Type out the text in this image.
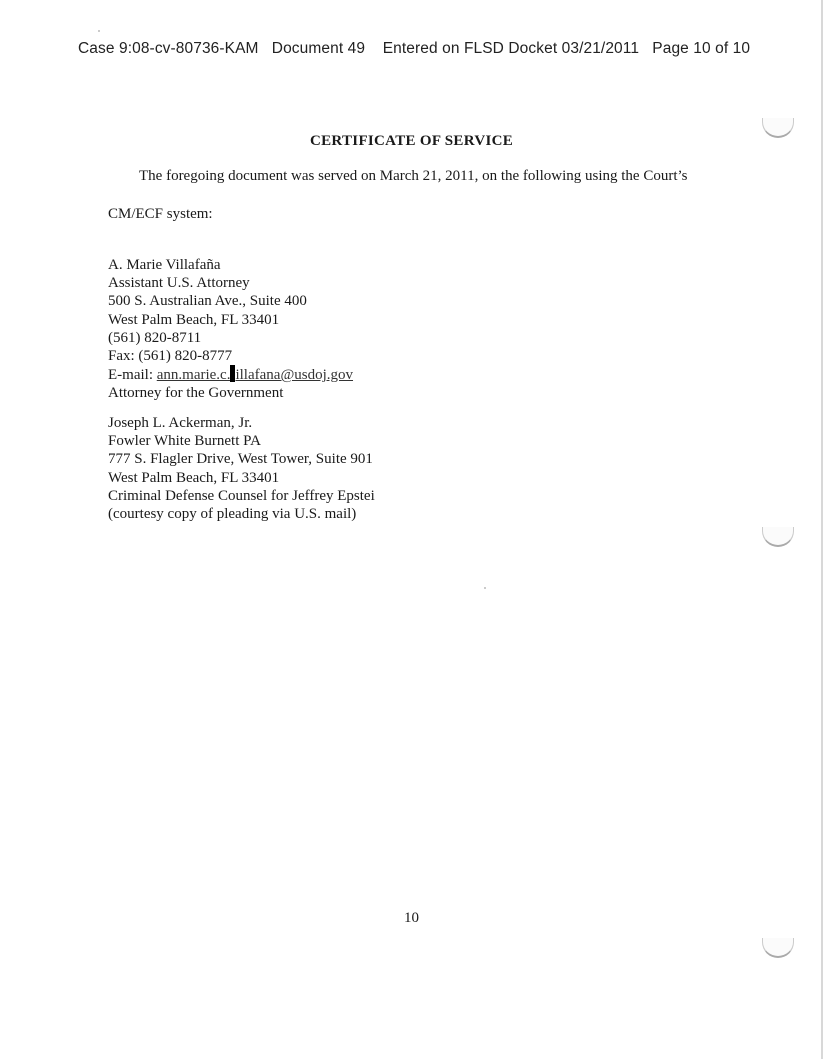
Case 9:08-cv-80736-KAM Document 49 Entered on FLSD Docket 03/21/2011 Page 10 of 10
CERTIFICATE OF SERVICE
The foregoing document was served on March 21, 2011, on the following using the Court’s
CM/ECF system:
A. Marie Villafaña
Assistant U.S. Attorney
500 S. Australian Ave., Suite 400
West Palm Beach, FL 33401
(561) 820-8711
Fax: (561) 820-8777
E-mail: ann.marie.c. illafana@usdoj.gov
Attorney for the Government
Joseph L. Ackerman, Jr.
Fowler White Burnett PA
777 S. Flagler Drive, West Tower, Suite 901
West Palm Beach, FL 33401
Criminal Defense Counsel for Jeffrey Epstei
(courtesy copy of pleading via U.S. mail)
10
